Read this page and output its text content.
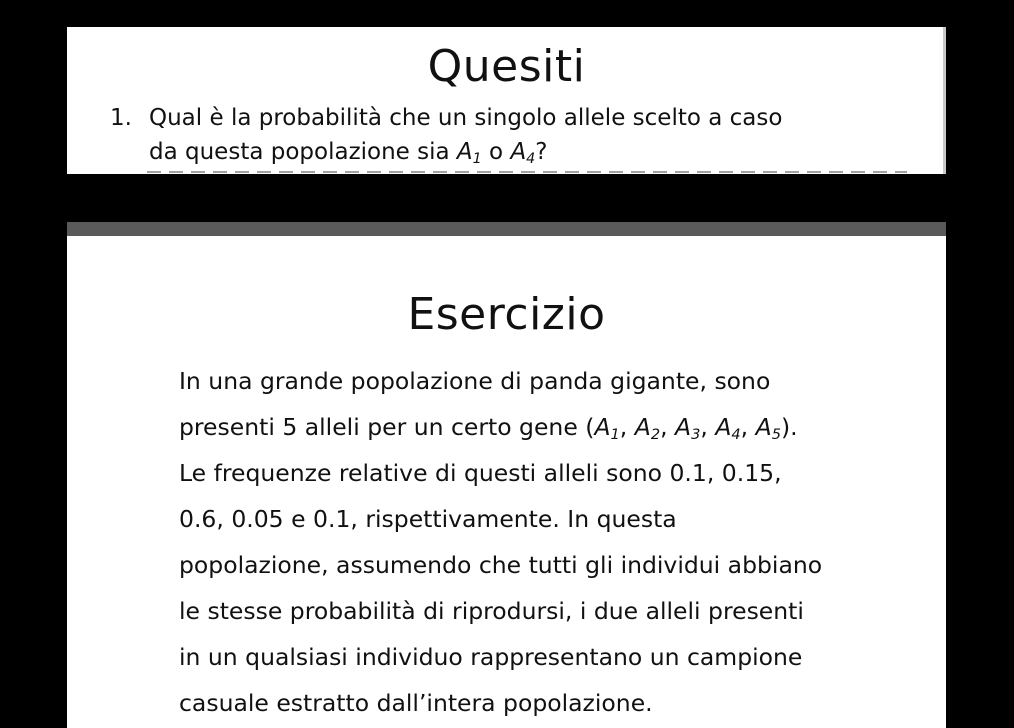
Quesiti
1. Qual è la probabilità che un singolo allele scelto a caso
da questa popolazione sia $A_1$ o $A_4$?
Esercizio
In una grande popolazione di panda gigante, sono
presenti 5 alleli per un certo gene ($A_1$, $A_2$, $A_3$, $A_4$, $A_5$).
Le frequenze relative di questi alleli sono 0.1, 0.15,
0.6, 0.05 e 0.1, rispettivamente. In questa
popolazione, assumendo che tutti gli individui abbiano
le stesse probabilità di riprodursi, i due alleli presenti
in un qualsiasi individuo rappresentano un campione
casuale estratto dall’intera popolazione.
